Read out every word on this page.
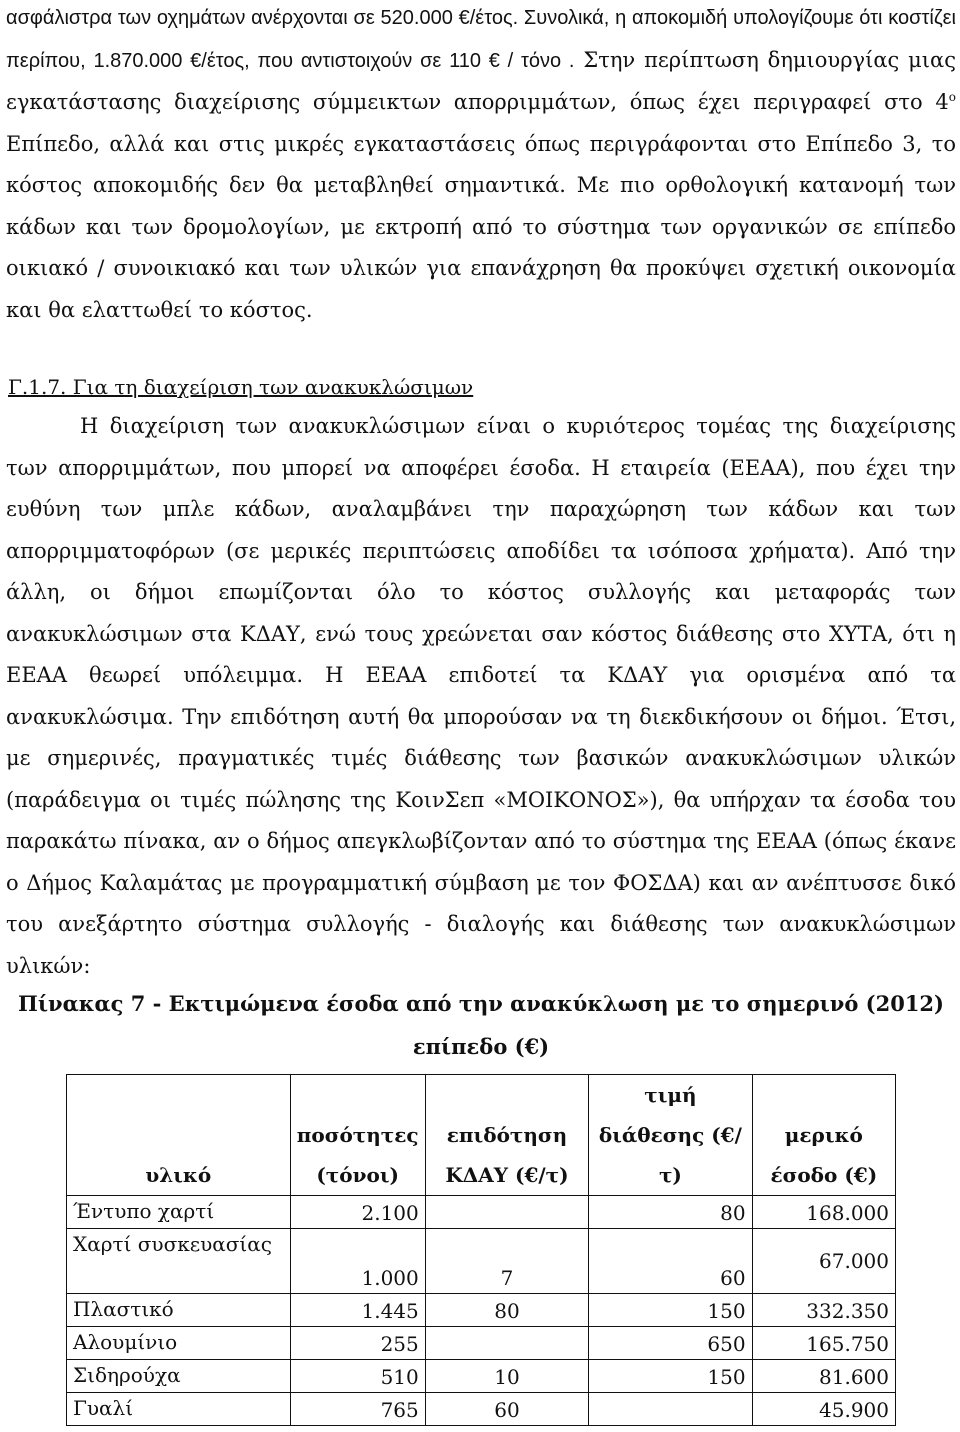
ασφάλιστρα των οχημάτων ανέρχονται σε 520.000 €/έτος. Συνολικά, η αποκομιδή υπολογίζουμε ότι κοστίζει περίπου, 1.870.000 €/έτος, που αντιστοιχούν σε 110 € / τόνο . Στην περίπτωση δημιουργίας μιας εγκατάστασης διαχείρισης σύμμεικτων απορριμμάτων, όπως έχει περιγραφεί στο $4^o$ Επίπεδο, αλλά και στις μικρές εγκαταστάσεις όπως περιγράφονται στο Επίπεδο 3, το κόστος αποκομιδής δεν θα μεταβληθεί σημαντικά. Με πιο ορθολογική κατανομή των κάδων και των δρομολογίων, με εκτροπή από το σύστημα των οργανικών σε επίπεδο οικιακό / συνοικιακό και των υλικών για επανάχρηση θα προκύψει σχετική οικονομία και θα ελαττωθεί το κόστος.

Γ.1.7. Για τη διαχείριση των ανακυκλώσιμων

Η διαχείριση των ανακυκλώσιμων είναι ο κυριότερος τομέας της διαχείρισης των απορριμμάτων, που μπορεί να αποφέρει έσοδα. Η εταιρεία (ΕΕΑΑ), που έχει την ευθύνη των μπλε κάδων, αναλαμβάνει την παραχώρηση των κάδων και των απορριμματοφόρων (σε μερικές περιπτώσεις αποδίδει τα ισόποσα χρήματα). Από την άλλη, οι δήμοι επωμίζονται όλο το κόστος συλλογής και μεταφοράς των ανακυκλώσιμων στα ΚΔΑΥ, ενώ τους χρεώνεται σαν κόστος διάθεσης στο ΧΥΤΑ, ότι η ΕΕΑΑ θεωρεί υπόλειμμα. Η ΕΕΑΑ επιδοτεί τα ΚΔΑΥ για ορισμένα από τα ανακυκλώσιμα. Την επιδότηση αυτή θα μπορούσαν να τη διεκδικήσουν οι δήμοι. Έτσι, με σημερινές, πραγματικές τιμές διάθεσης των βασικών ανακυκλώσιμων υλικών (παράδειγμα οι τιμές πώλησης της ΚοινΣεπ «ΜΟΙΚΟΝΟΣ»), θα υπήρχαν τα έσοδα του παρακάτω πίνακα, αν ο δήμος απεγκλωβίζονταν από το σύστημα της ΕΕΑΑ (όπως έκανε ο Δήμος Καλαμάτας με προγραμματική σύμβαση με τον ΦΟΣΔΑ) και αν ανέπτυσσε δικό του ανεξάρτητο σύστημα συλλογής - διαλογής και διάθεσης των ανακυκλώσιμων υλικών:

Πίνακας 7 - Εκτιμώμενα έσοδα από την ανακύκλωση με το σημερινό (2012) επίπεδο (€)
υλικό	ποσότητες (τόνοι)	επιδότηση ΚΔΑΥ (€/τ)	τιμή διάθεσης (€/τ)	μερικό έσοδο (€)
Έντυπο χαρτί	2.100		80	168.000
Χαρτί συσκευασίας	1.000	7	60	67.000
Πλαστικό	1.445	80	150	332.350
Αλουμίνιο	255		650	165.750
Σιδηρούχα	510	10	150	81.600
Γυαλί	765	60		45.900
